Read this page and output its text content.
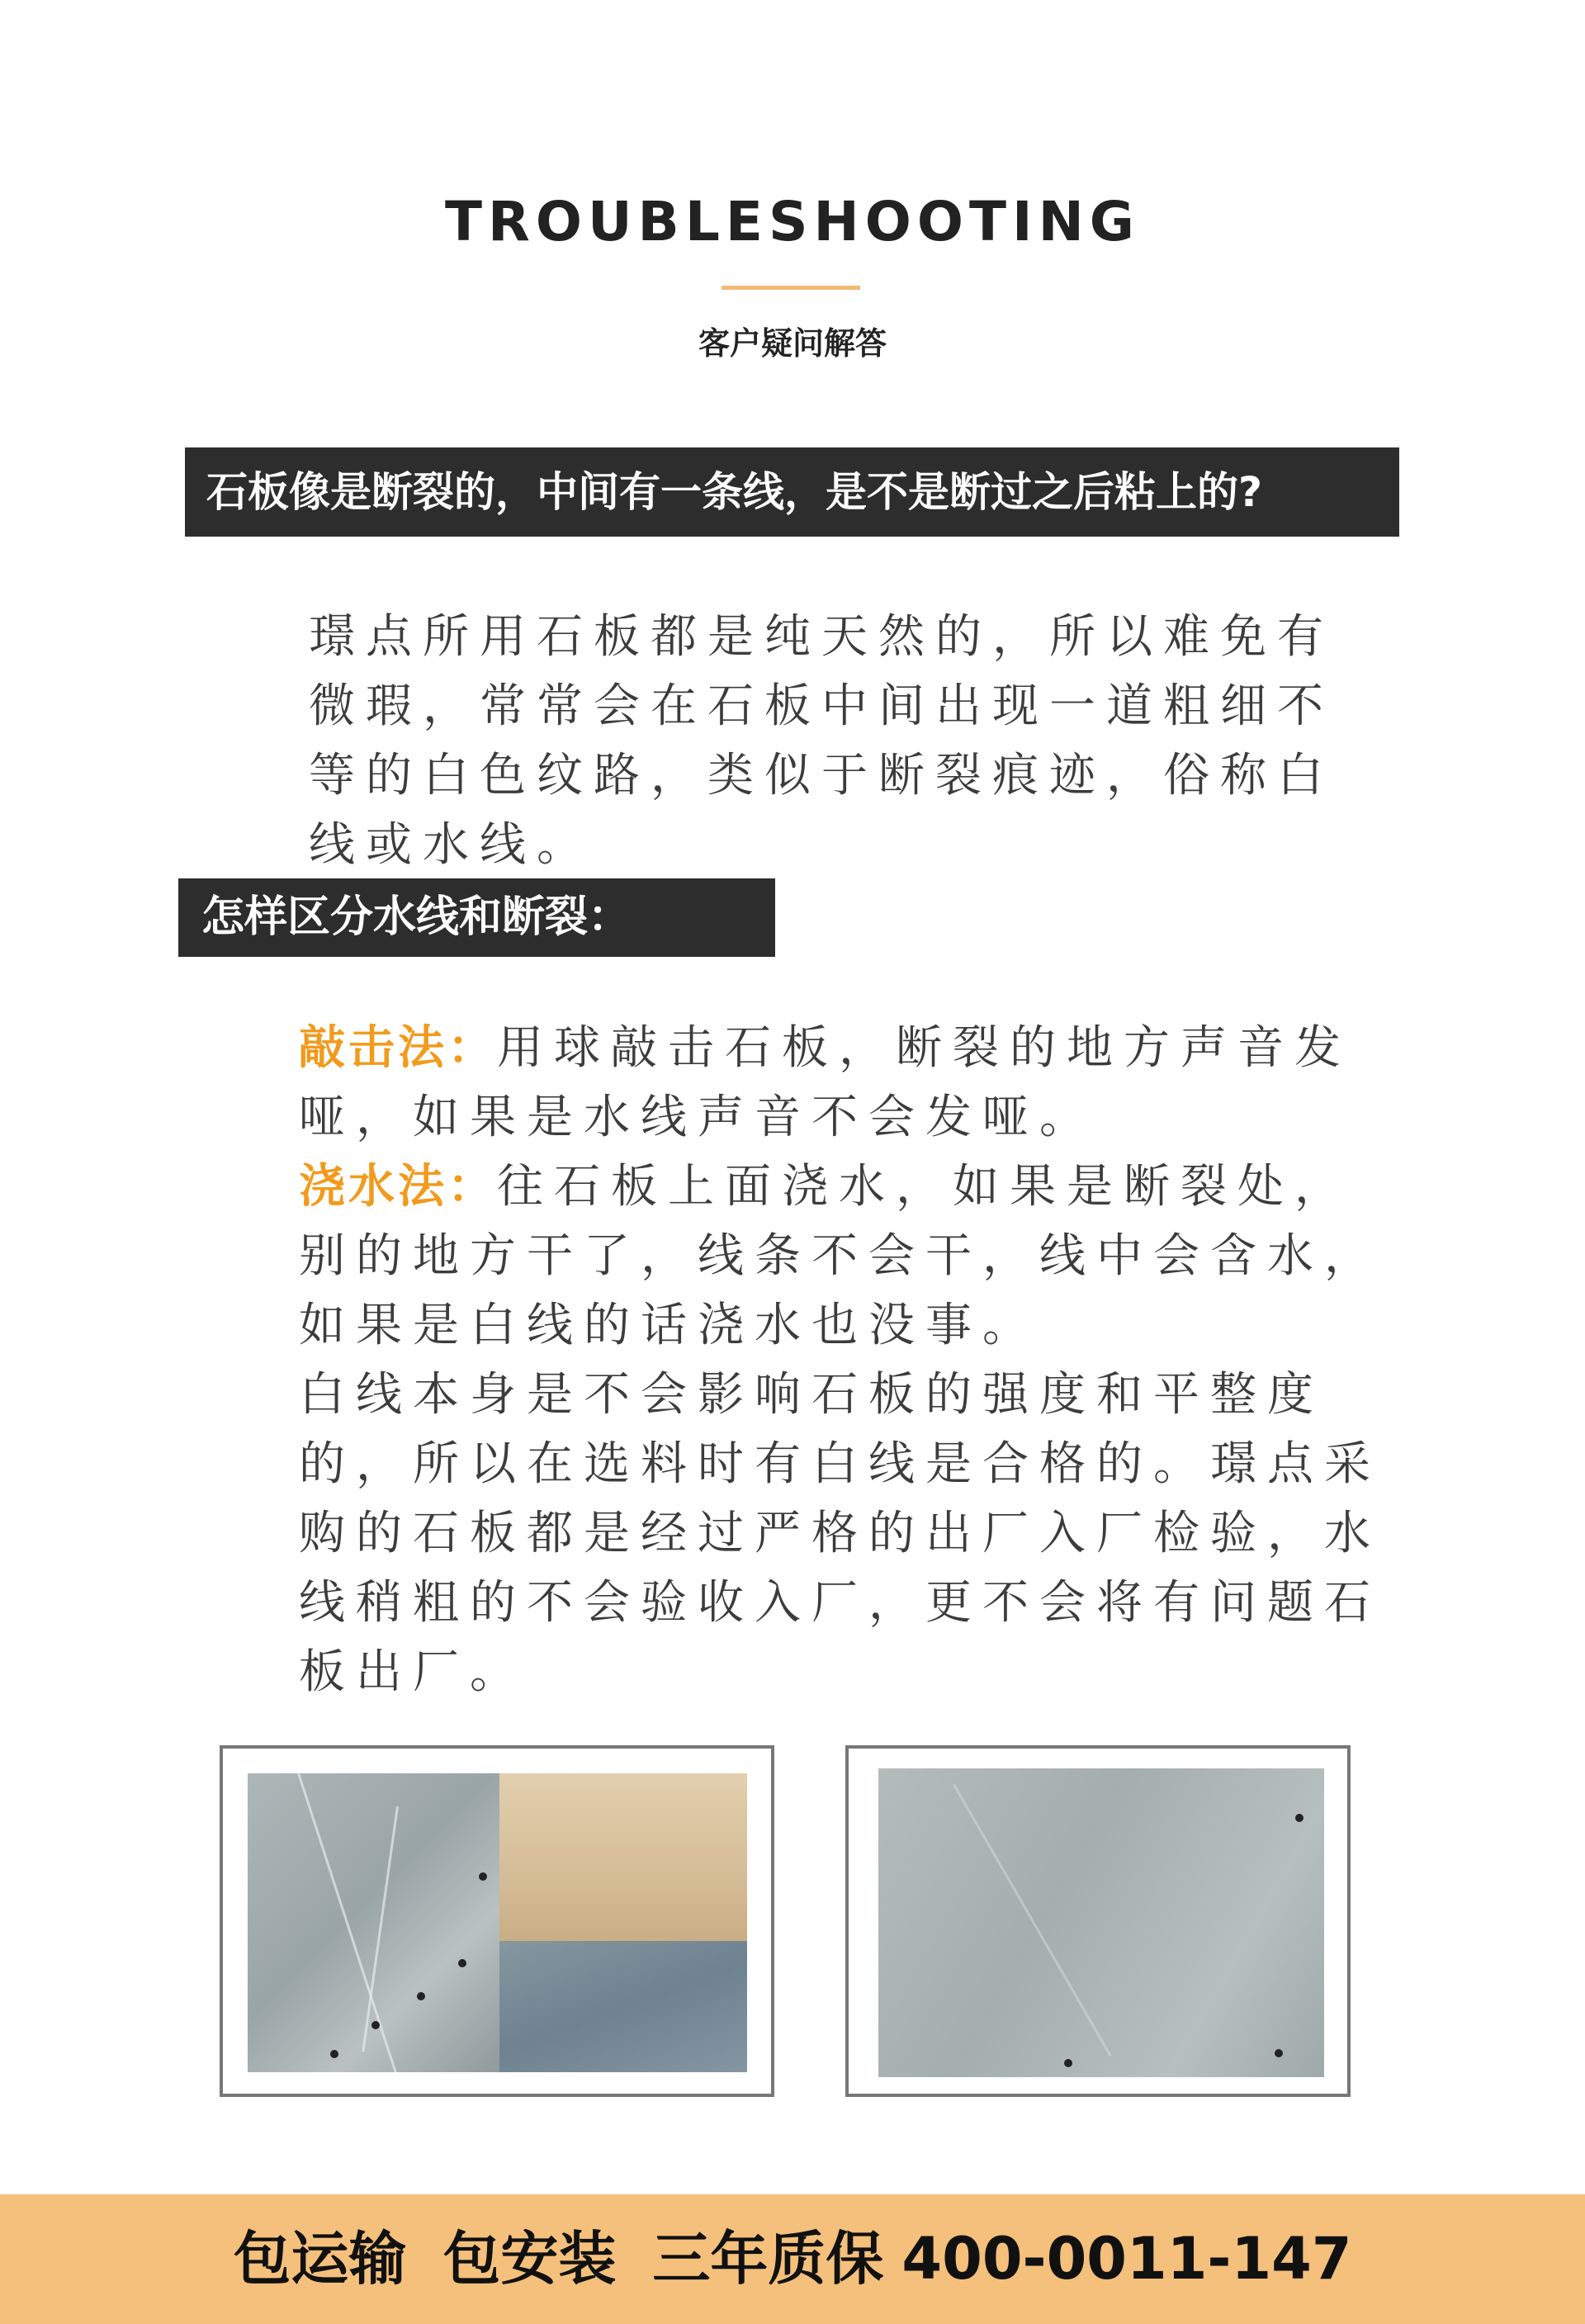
TROUBLESHOOTING
客户疑问解答
石板像是断裂的，中间有一条线，是不是断过之后粘上的?

璟点所用石板都是纯天然的，所以难免有微瑕，常常会在石板中间出现一道粗细不等的白色纹路，类似于断裂痕迹，俗称白线或水线。

怎样区分水线和断裂：

敲击法：用球敲击石板，断裂的地方声音发哑，如果是水线声音不会发哑。

浇水法：往石板上面浇水，如果是断裂处，别的地方干了，线条不会干，线中会含水，如果是白线的话浇水也没事。

白线本身是不会影响石板的强度和平整度的，所以在选料时有白线是合格的。璟点采购的石板都是经过严格的出厂入厂检验，水线稍粗的不会验收入厂，更不会将有问题石板出厂。

包运输 包安装 三年质保 400-0011-147
